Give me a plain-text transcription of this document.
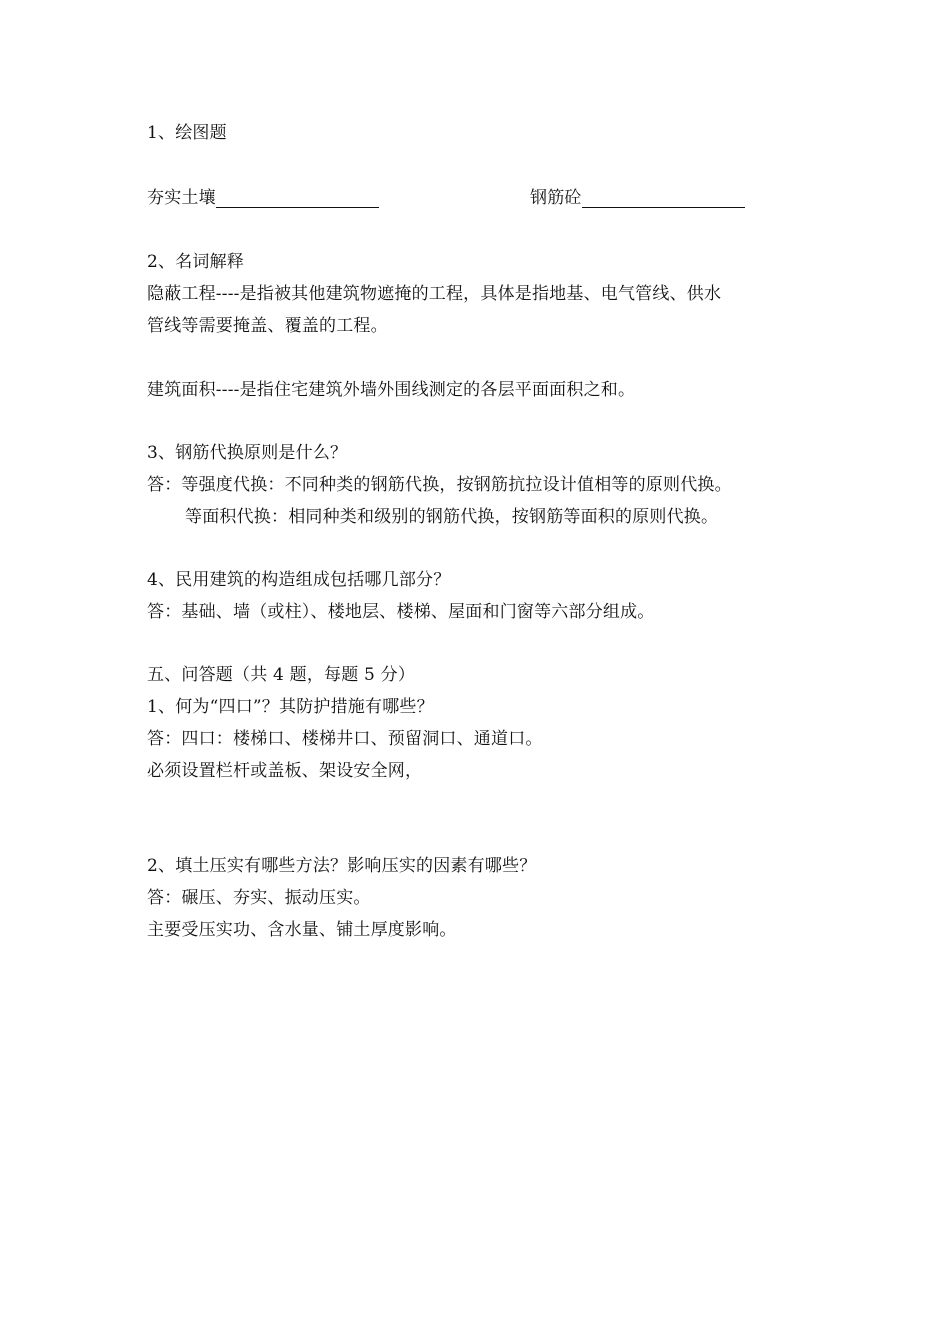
1、绘图题
夯实土壤	钢筋砼
2、名词解释
隐蔽工程----是指被其他建筑物遮掩的工程，具体是指地基、电气管线、供水
管线等需要掩盖、覆盖的工程。
建筑面积----是指住宅建筑外墙外围线测定的各层平面面积之和。
3、钢筋代换原则是什么？
答：等强度代换：不同种类的钢筋代换，按钢筋抗拉设计值相等的原则代换。
等面积代换：相同种类和级别的钢筋代换，按钢筋等面积的原则代换。
4、民用建筑的构造组成包括哪几部分？
答：基础、墙（或柱）、楼地层、楼梯、屋面和门窗等六部分组成。
五、问答题（共 4 题，每题 5 分）
1、何为“四口”？其防护措施有哪些？
答：四口：楼梯口、楼梯井口、预留洞口、通道口。
必须设置栏杆或盖板、架设安全网，
2、填土压实有哪些方法？影响压实的因素有哪些？
答：碾压、夯实、振动压实。
主要受压实功、含水量、铺土厚度影响。
